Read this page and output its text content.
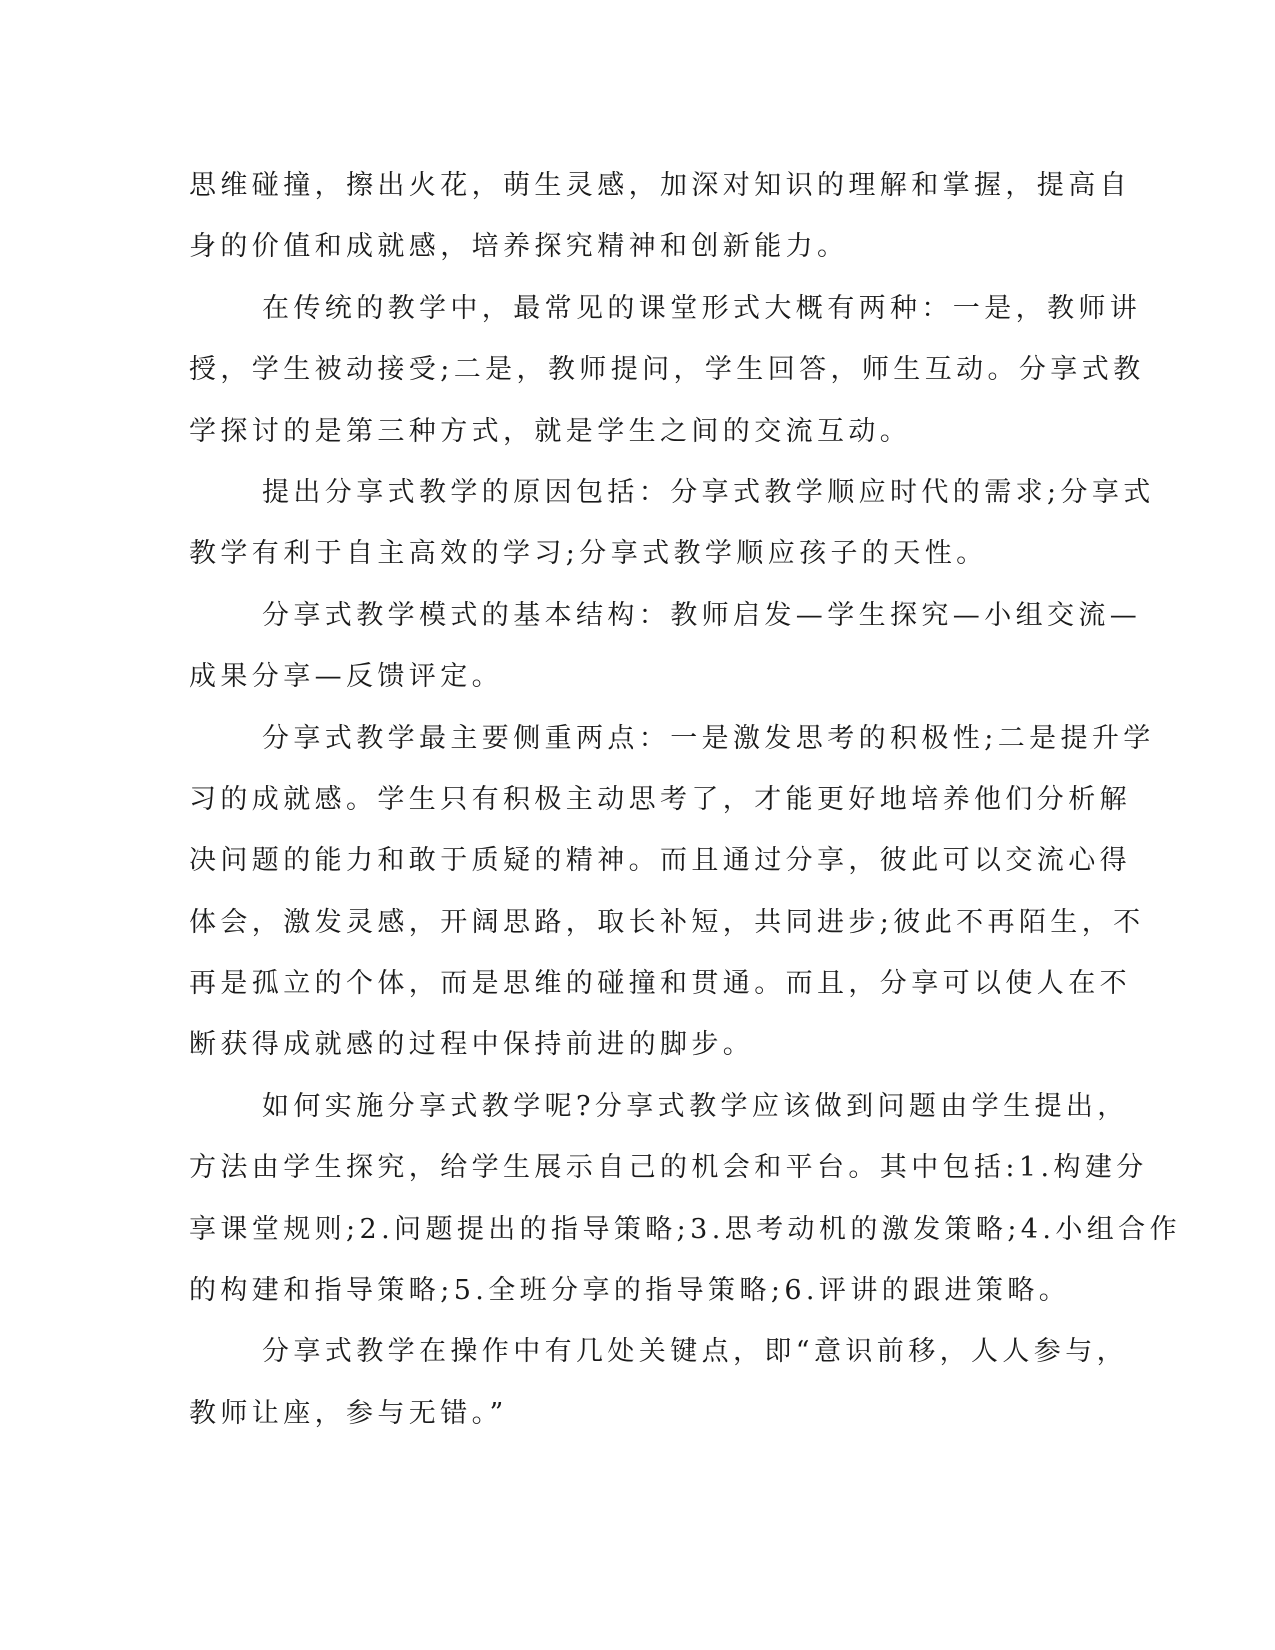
思维碰撞，擦出火花，萌生灵感，加深对知识的理解和掌握，提高自

身的价值和成就感，培养探究精神和创新能力。

在传统的教学中，最常见的课堂形式大概有两种：一是，教师讲

授，学生被动接受;二是，教师提问，学生回答，师生互动。分享式教

学探讨的是第三种方式，就是学生之间的交流互动。

提出分享式教学的原因包括：分享式教学顺应时代的需求;分享式

教学有利于自主高效的学习;分享式教学顺应孩子的天性。

分享式教学模式的基本结构：教师启发—学生探究—小组交流—

成果分享—反馈评定。

分享式教学最主要侧重两点：一是激发思考的积极性;二是提升学

习的成就感。学生只有积极主动思考了，才能更好地培养他们分析解

决问题的能力和敢于质疑的精神。而且通过分享，彼此可以交流心得

体会，激发灵感，开阔思路，取长补短，共同进步;彼此不再陌生，不

再是孤立的个体，而是思维的碰撞和贯通。而且，分享可以使人在不

断获得成就感的过程中保持前进的脚步。

如何实施分享式教学呢?分享式教学应该做到问题由学生提出，

方法由学生探究，给学生展示自己的机会和平台。其中包括:1.构建分

享课堂规则;2.问题提出的指导策略;3.思考动机的激发策略;4.小组合作

的构建和指导策略;5.全班分享的指导策略;6.评讲的跟进策略。

分享式教学在操作中有几处关键点，即“意识前移，人人参与，

教师让座，参与无错。”
